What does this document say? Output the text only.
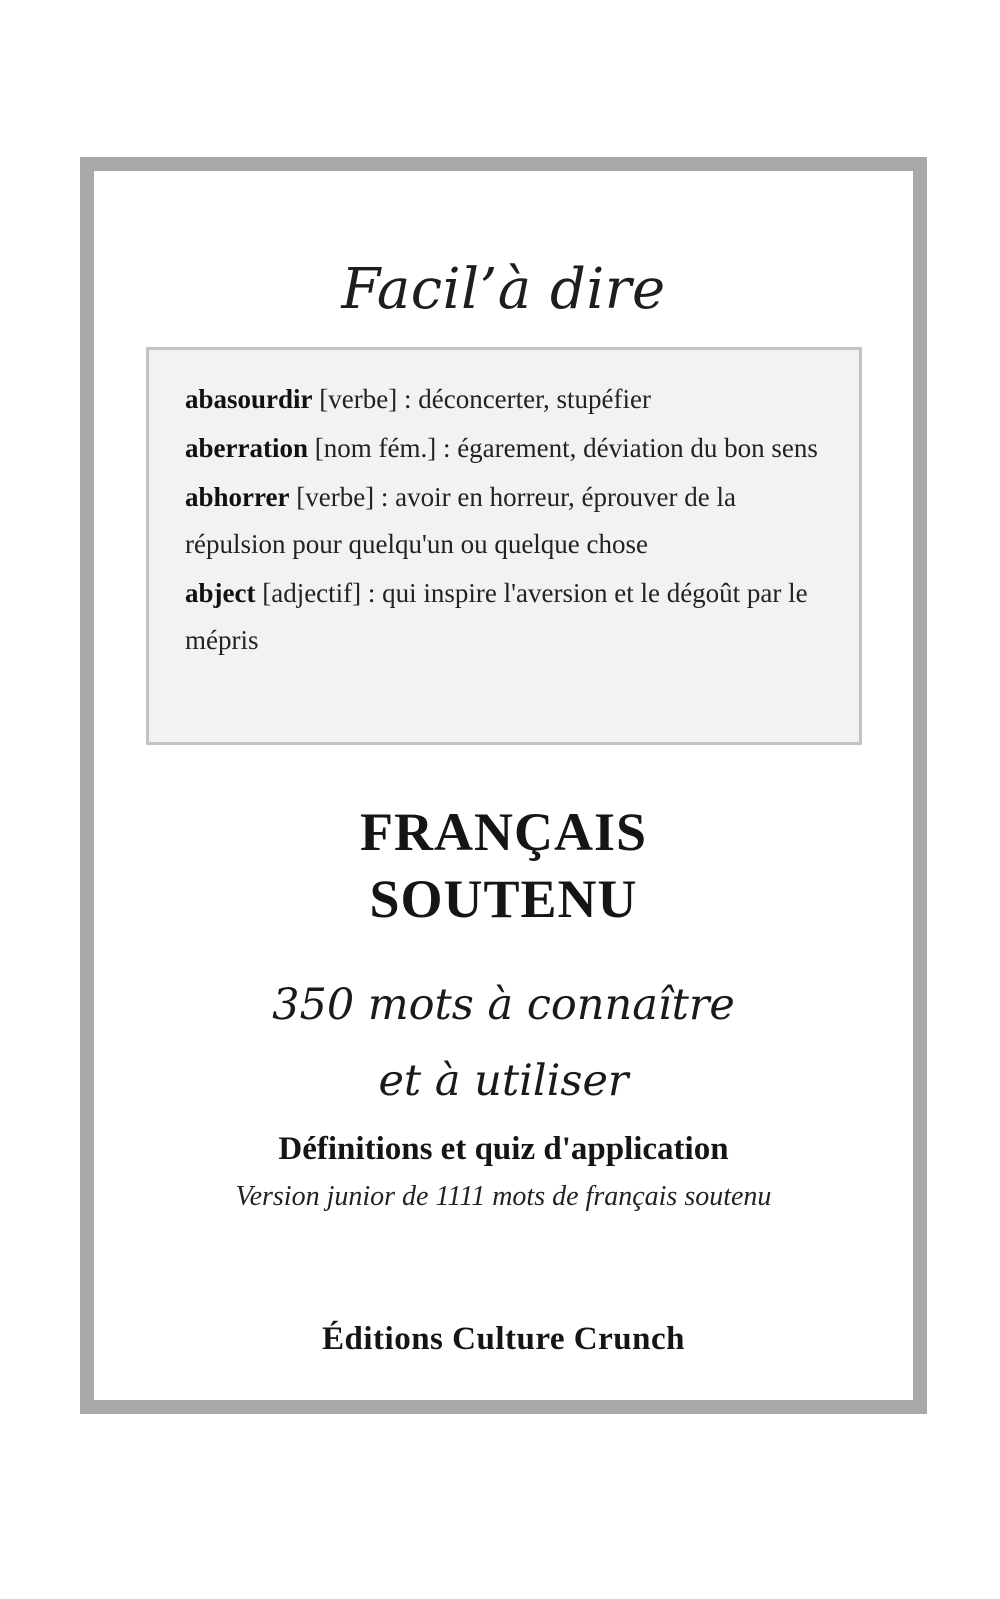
Facil’à dire
abasourdir [verbe] : déconcerter, stupéfier
aberration [nom fém.] : égarement, déviation du bon sens
abhorrer [verbe] : avoir en horreur, éprouver de la répulsion pour quelqu'un ou quelque chose
abject [adjectif] : qui inspire l'aversion et le dégoût par le mépris
FRANÇAIS
SOUTENU
350 mots à connaître
et à utiliser
Définitions et quiz d'application
Version junior de 1111 mots de français soutenu
Éditions Culture Crunch
